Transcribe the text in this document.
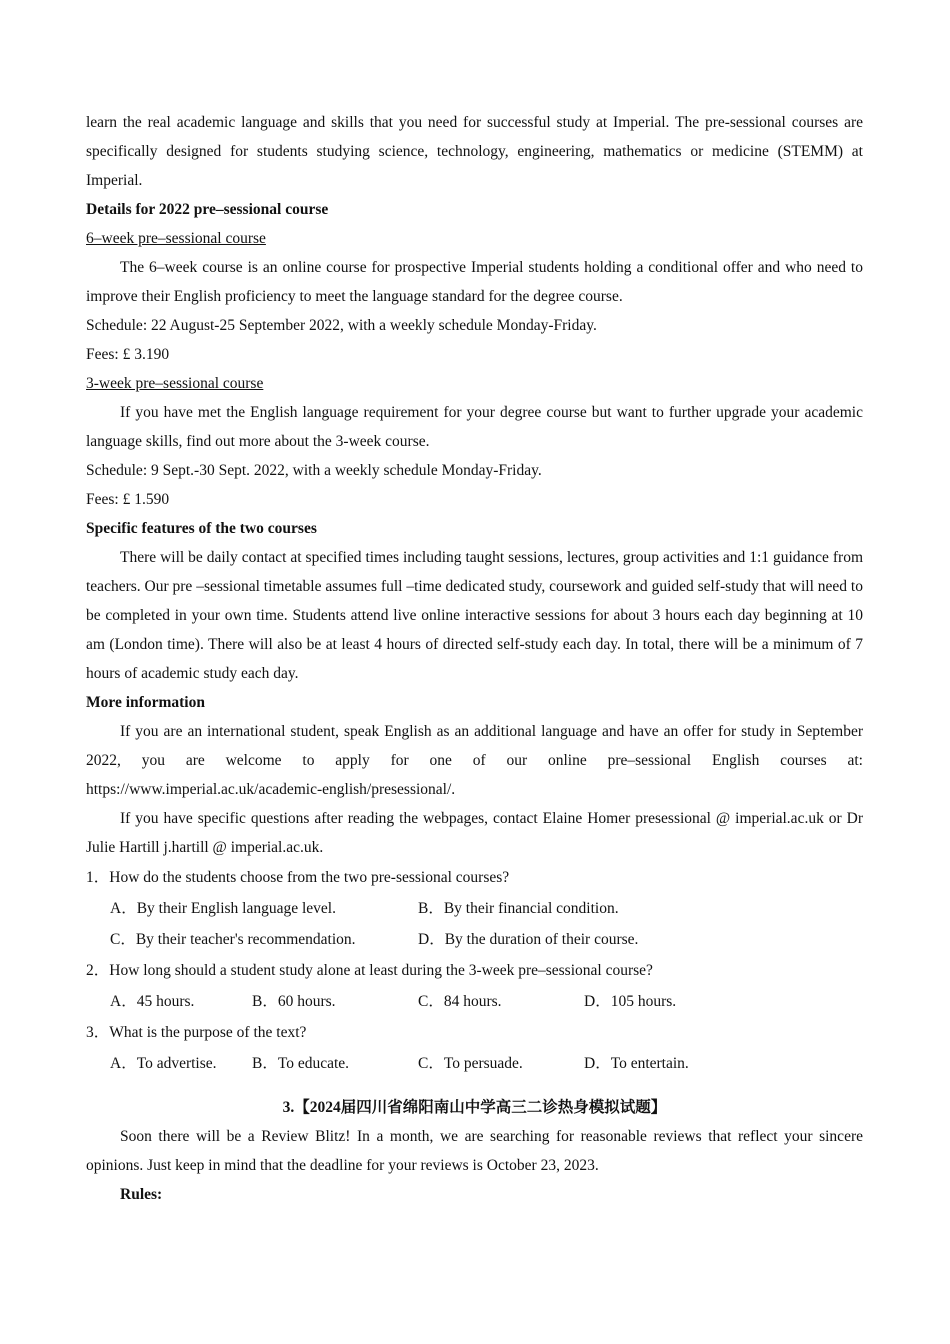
learn the real academic language and skills that you need for successful study at Imperial. The pre-sessional courses are specifically designed for students studying science, technology, engineering, mathematics or medicine (STEMM) at Imperial.

Details for 2022 pre–sessional course

6–week pre–sessional course

The 6–week course is an online course for prospective Imperial students holding a conditional offer and who need to improve their English proficiency to meet the language standard for the degree course.

Schedule: 22 August-25 September 2022, with a weekly schedule Monday-Friday.

Fees: £ 3.190

3-week pre–sessional course

If you have met the English language requirement for your degree course but want to further upgrade your academic language skills, find out more about the 3-week course.

Schedule: 9 Sept.-30 Sept. 2022, with a weekly schedule Monday-Friday.

Fees: £ 1.590

Specific features of the two courses

There will be daily contact at specified times including taught sessions, lectures, group activities and 1:1 guidance from teachers. Our pre –sessional timetable assumes full –time dedicated study, coursework and guided self-study that will need to be completed in your own time. Students attend live online interactive sessions for about 3 hours each day beginning at 10 am (London time). There will also be at least 4 hours of directed self-study each day. In total, there will be a minimum of 7 hours of academic study each day.

More information

If you are an international student, speak English as an additional language and have an offer for study in September 2022, you are welcome to apply for one of our online pre–sessional English courses at: https://www.imperial.ac.uk/academic-english/presessional/.

If you have specific questions after reading the webpages, contact Elaine Homer presessional @ imperial.ac.uk or Dr Julie Hartill j.hartill @ imperial.ac.uk.

1．How do the students choose from the two pre-sessional courses?

A．By their English language level.	B．By their financial condition.
C．By their teacher's recommendation.	D．By the duration of their course.

2．How long should a student study alone at least during the 3-week pre–sessional course?

A．45 hours.	B．60 hours.	C．84 hours.	D．105 hours.

3．What is the purpose of the text?

A．To advertise.	B．To educate.	C．To persuade.	D．To entertain.

3.【2024届四川省绵阳南山中学高三二诊热身模拟试题】

Soon there will be a Review Blitz! In a month, we are searching for reasonable reviews that reflect your sincere opinions. Just keep in mind that the deadline for your reviews is October 23, 2023.

Rules:
